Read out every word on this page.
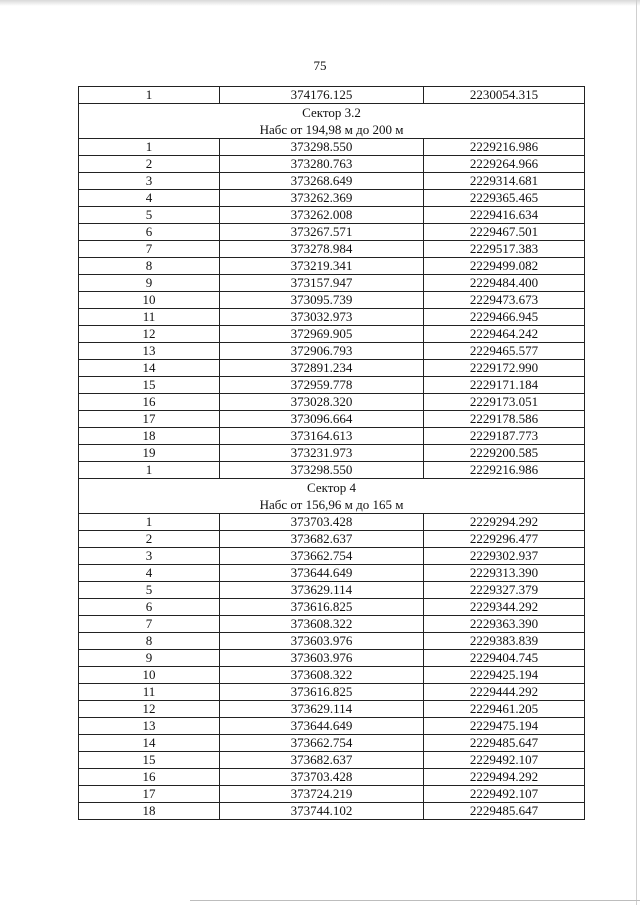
75
1	374176.125	2230054.315

Сектор 3.2
Набс от 194,98 м до 200 м		

1	373298.550	2229216.986
2	373280.763	2229264.966
3	373268.649	2229314.681
4	373262.369	2229365.465
5	373262.008	2229416.634
6	373267.571	2229467.501
7	373278.984	2229517.383
8	373219.341	2229499.082
9	373157.947	2229484.400
10	373095.739	2229473.673
11	373032.973	2229466.945
12	372969.905	2229464.242
13	372906.793	2229465.577
14	372891.234	2229172.990
15	372959.778	2229171.184
16	373028.320	2229173.051
17	373096.664	2229178.586
18	373164.613	2229187.773
19	373231.973	2229200.585
1	373298.550	2229216.986

Сектор 4
Набс от 156,96 м до 165 м		

1	373703.428	2229294.292
2	373682.637	2229296.477
3	373662.754	2229302.937
4	373644.649	2229313.390
5	373629.114	2229327.379
6	373616.825	2229344.292
7	373608.322	2229363.390
8	373603.976	2229383.839
9	373603.976	2229404.745
10	373608.322	2229425.194
11	373616.825	2229444.292
12	373629.114	2229461.205
13	373644.649	2229475.194
14	373662.754	2229485.647
15	373682.637	2229492.107
16	373703.428	2229494.292
17	373724.219	2229492.107
18	373744.102	2229485.647
